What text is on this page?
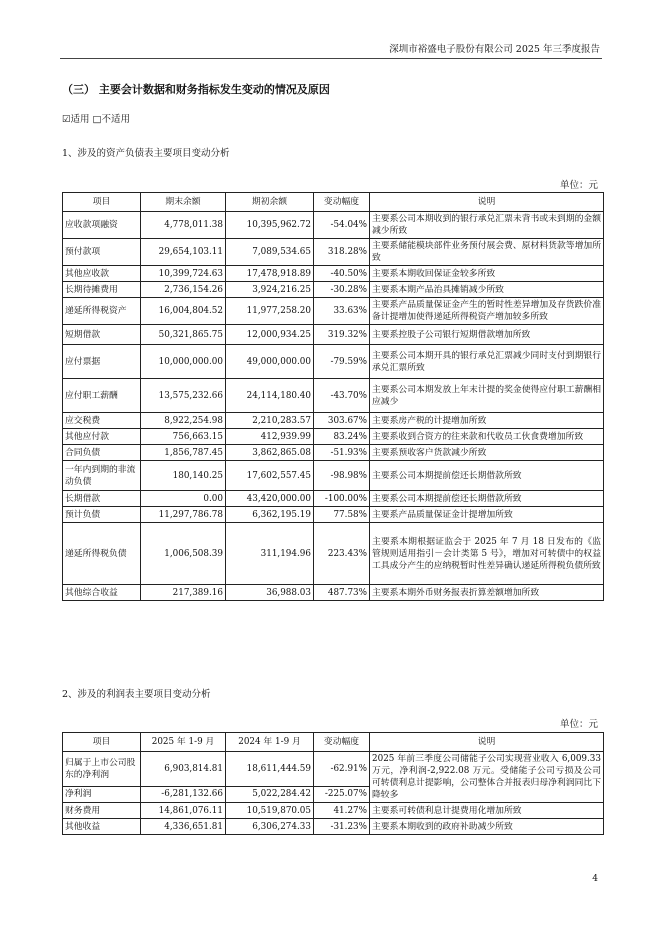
深圳市裕盛电子股份有限公司 2025 年三季度报告
（三） 主要会计数据和财务指标发生变动的情况及原因
☑适用 □不适用
1、涉及的资产负债表主要项目变动分析
单位：元
项目	期末余额	期初余额	变动幅度	说明
应收款项融资	4,778,011.38	10,395,962.72	-54.04%	主要系公司本期收到的银行承兑汇票未背书或未到期的金额减少所致
预付款项	29,654,103.11	7,089,534.65	318.28%	主要系储能模块部件业务预付展会费、原材料货款等增加所致
其他应收款	10,399,724.63	17,478,918.89	-40.50%	主要系本期收回保证金较多所致
长期待摊费用	2,736,154.26	3,924,216.25	-30.28%	主要系本期产品治具摊销减少所致
递延所得税资产	16,004,804.52	11,977,258.20	33.63%	主要系产品质量保证金产生的暂时性差异增加及存货跌价准备计提增加使得递延所得税资产增加较多所致
短期借款	50,321,865.75	12,000,934.25	319.32%	主要系控股子公司银行短期借款增加所致
应付票据	10,000,000.00	49,000,000.00	-79.59%	主要系公司本期开具的银行承兑汇票减少同时支付到期银行承兑汇票所致
应付职工薪酬	13,575,232.66	24,114,180.40	-43.70%	主要系公司本期发放上年末计提的奖金使得应付职工薪酬相应减少
应交税费	8,922,254.98	2,210,283.57	303.67%	主要系房产税的计提增加所致
其他应付款	756,663.15	412,939.99	83.24%	主要系收到合资方的往来款和代收员工伙食费增加所致
合同负债	1,856,787.45	3,862,865.08	-51.93%	主要系预收客户货款减少所致
一年内到期的非流动负债	180,140.25	17,602,557.45	-98.98%	主要系公司本期提前偿还长期借款所致
长期借款	0.00	43,420,000.00	-100.00%	主要系公司本期提前偿还长期借款所致
预计负债	11,297,786.78	6,362,195.19	77.58%	主要系产品质量保证金计提增加所致
递延所得税负债	1,006,508.39	311,194.96	223.43%	主要系本期根据证监会于 2025 年 7 月 18 日发布的《监管规则适用指引－会计类第 5 号》，增加对可转债中的权益工具成分产生的应纳税暂时性差异确认递延所得税负债所致
其他综合收益	217,389.16	36,988.03	487.73%	主要系本期外币财务报表折算差额增加所致
2、涉及的利润表主要项目变动分析
单位：元
项目	2025 年 1-9 月	2024 年 1-9 月	变动幅度	说明
归属于上市公司股东的净利润	6,903,814.81	18,611,444.59	-62.91%	2025 年前三季度公司储能子公司实现营业收入 6,009.33 万元，净利润-2,922.08 万元。受储能子公司亏损及公司可转债利息计提影响，公司整体合并报表归母净利润同比下降较多
净利润	-6,281,132.66	5,022,284.42	-225.07%	
财务费用	14,861,076.11	10,519,870.05	41.27%	主要系可转债利息计提费用化增加所致
其他收益	4,336,651.81	6,306,274.33	-31.23%	主要系本期收到的政府补助减少所致
4
